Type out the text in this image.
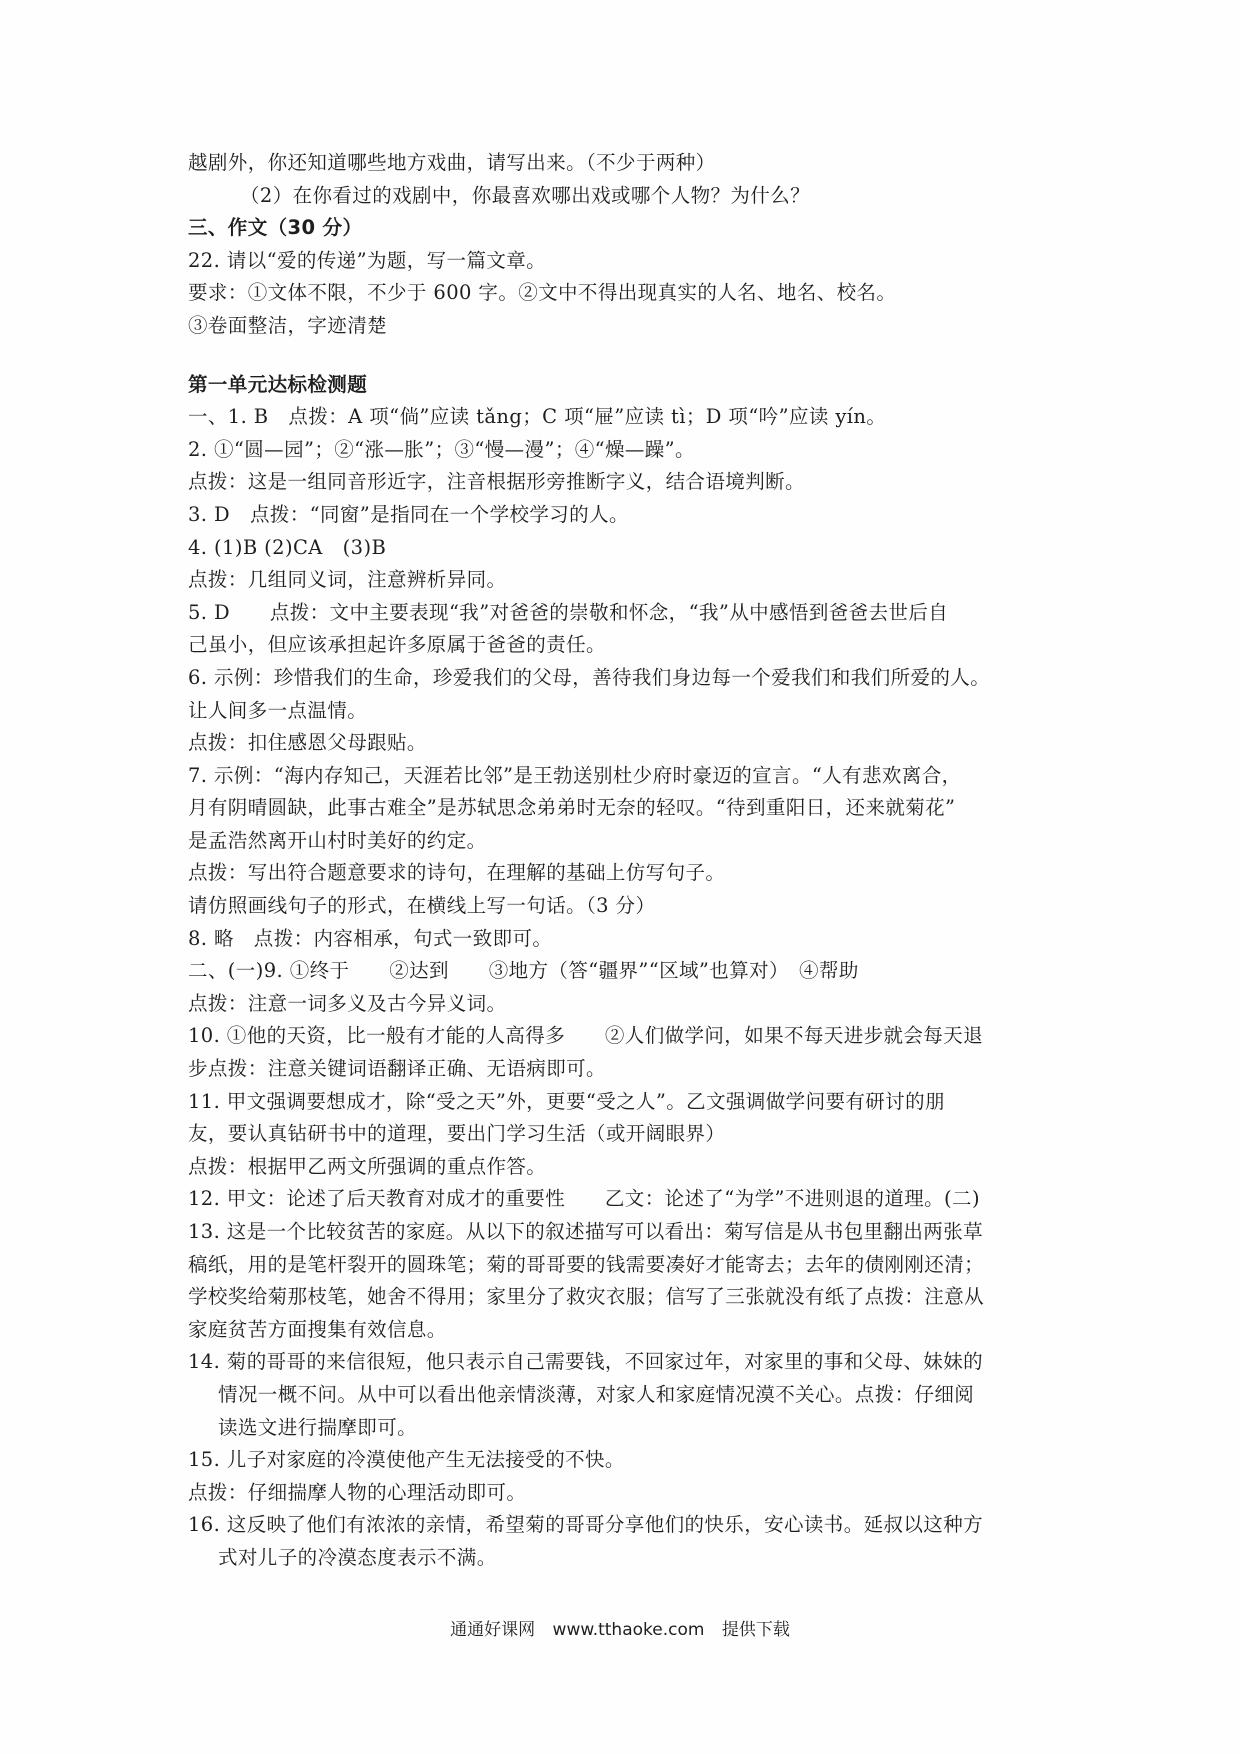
越剧外，你还知道哪些地方戏曲，请写出来。（不少于两种）
（2）在你看过的戏剧中，你最喜欢哪出戏或哪个人物？为什么？
三、作文（30 分）
22. 请以“爱的传递”为题，写一篇文章。
要求：①文体不限，不少于 600 字。②文中不得出现真实的人名、地名、校名。
③卷面整洁，字迹清楚
第一单元达标检测题
一、1. B　点拨：A 项“倘”应读 tǎng；C 项“屉”应读 tì；D 项“吟”应读 yín。
2. ①“圆—园”；②“涨—胀”；③“慢—漫”；④“燥—躁”。
点拨：这是一组同音形近字，注音根据形旁推断字义，结合语境判断。
3. D　点拨：“同窗”是指同在一个学校学习的人。
4. (1)B (2)CA　(3)B
点拨：几组同义词，注意辨析异同。
5. D　　点拨：文中主要表现“我”对爸爸的崇敬和怀念，“我”从中感悟到爸爸去世后自
己虽小，但应该承担起许多原属于爸爸的责任。
6. 示例：珍惜我们的生命，珍爱我们的父母，善待我们身边每一个爱我们和我们所爱的人。
让人间多一点温情。
点拨：扣住感恩父母跟贴。
7. 示例：“海内存知己，天涯若比邻”是王勃送别杜少府时豪迈的宣言。“人有悲欢离合，
月有阴晴圆缺，此事古难全”是苏轼思念弟弟时无奈的轻叹。“待到重阳日，还来就菊花”
是孟浩然离开山村时美好的约定。
点拨：写出符合题意要求的诗句，在理解的基础上仿写句子。
请仿照画线句子的形式，在横线上写一句话。（3 分）
8. 略　点拨：内容相承，句式一致即可。
二、(一)9. ①终于　　②达到　　③地方（答“疆界”“区域”也算对）　④帮助
点拨：注意一词多义及古今异义词。
10. ①他的天资，比一般有才能的人高得多　　②人们做学问，如果不每天进步就会每天退
步点拨：注意关键词语翻译正确、无语病即可。
11. 甲文强调要想成才，除“受之天”外，更要“受之人”。乙文强调做学问要有研讨的朋
友，要认真钻研书中的道理，要出门学习生活（或开阔眼界）
点拨：根据甲乙两文所强调的重点作答。
12. 甲文：论述了后天教育对成才的重要性　　乙文：论述了“为学”不进则退的道理。(二)
13. 这是一个比较贫苦的家庭。从以下的叙述描写可以看出：菊写信是从书包里翻出两张草
稿纸，用的是笔杆裂开的圆珠笔；菊的哥哥要的钱需要凑好才能寄去；去年的债刚刚还清；
学校奖给菊那枝笔，她舍不得用；家里分了救灾衣服；信写了三张就没有纸了点拨：注意从
家庭贫苦方面搜集有效信息。
14. 菊的哥哥的来信很短，他只表示自己需要钱，不回家过年，对家里的事和父母、妹妹的
情况一概不问。从中可以看出他亲情淡薄，对家人和家庭情况漠不关心。点拨：仔细阅
读选文进行揣摩即可。
15. 儿子对家庭的冷漠使他产生无法接受的不快。
点拨：仔细揣摩人物的心理活动即可。
16. 这反映了他们有浓浓的亲情，希望菊的哥哥分享他们的快乐，安心读书。延叔以这种方
式对儿子的冷漠态度表示不满。
通通好课网 www.tthaoke.com 提供下载
